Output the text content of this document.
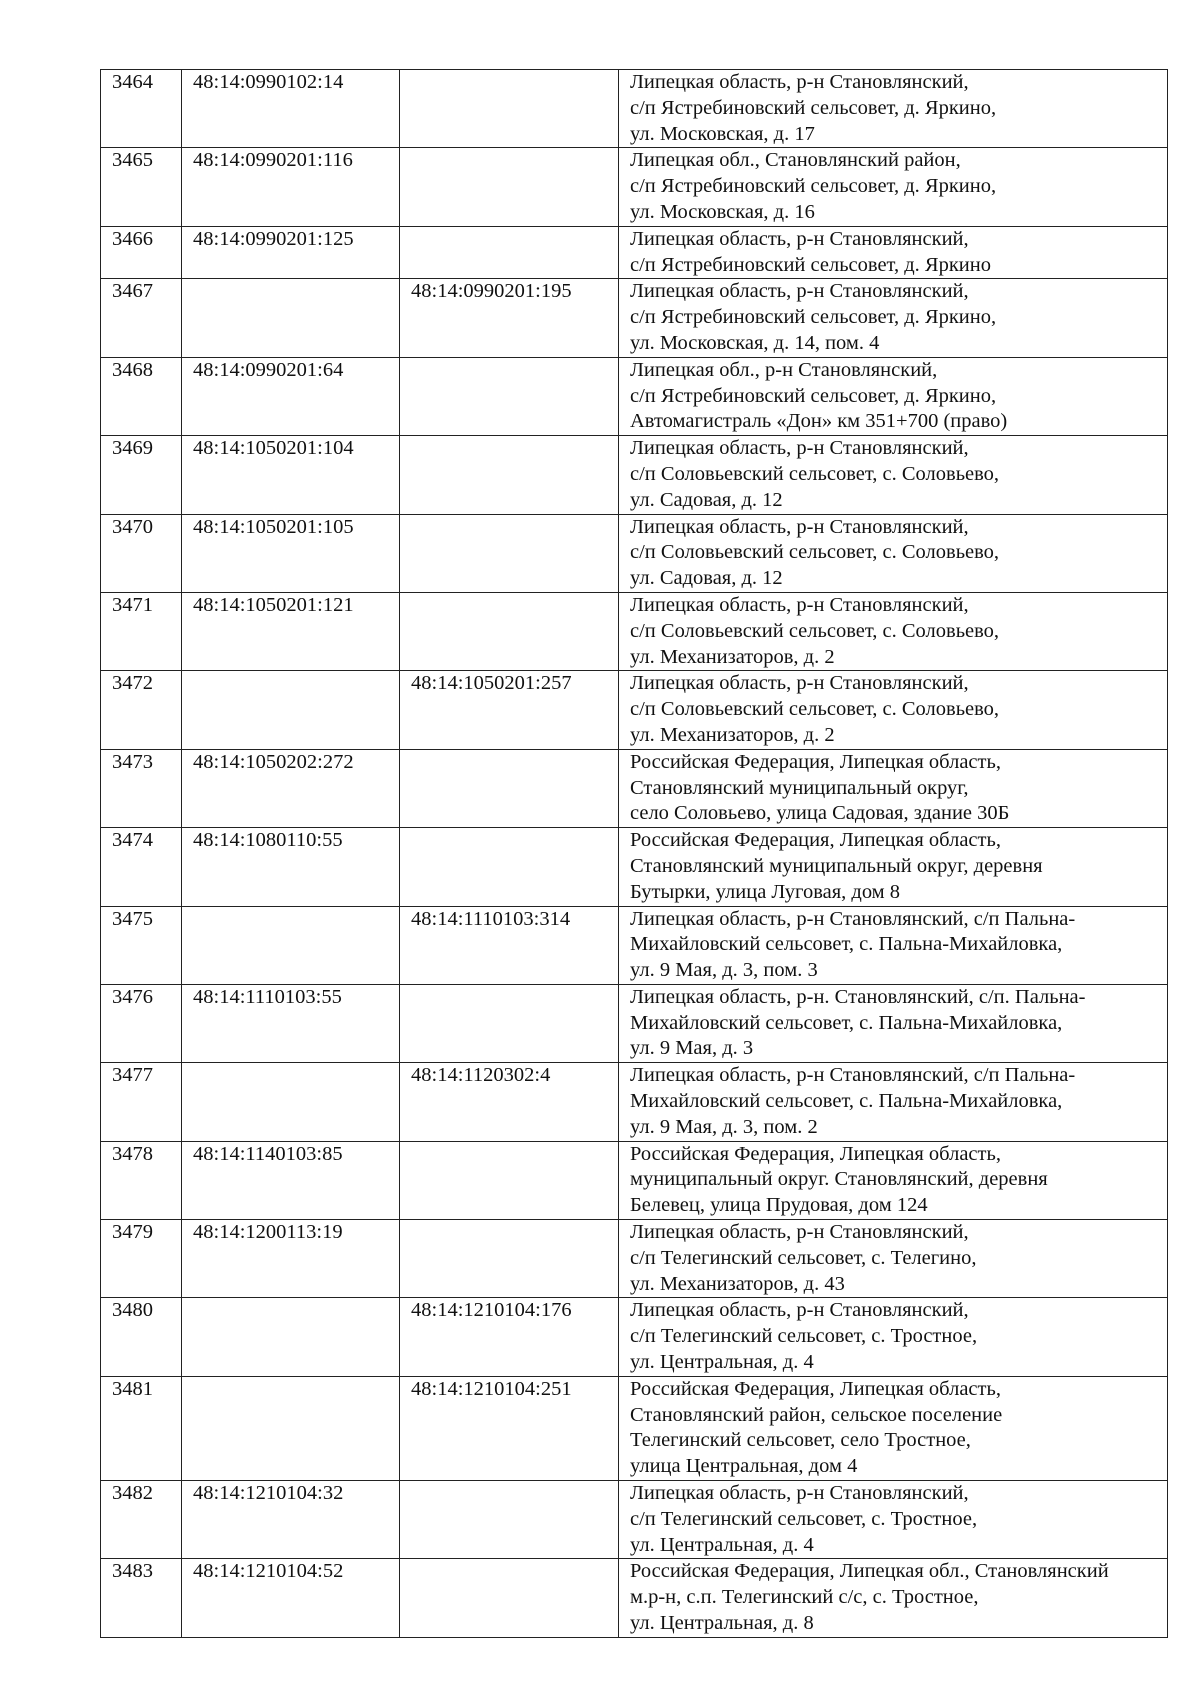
3464	48:14:0990102:14		Липецкая область, р-н Становлянский,
с/п Ястребиновский сельсовет, д. Яркино,
ул. Московская, д. 17

3465	48:14:0990201:116		Липецкая обл., Становлянский район,
с/п Ястребиновский сельсовет, д. Яркино,
ул. Московская, д. 16

3466	48:14:0990201:125		Липецкая область, р-н Становлянский,
с/п Ястребиновский сельсовет, д. Яркино

3467		48:14:0990201:195	Липецкая область, р-н Становлянский,
с/п Ястребиновский сельсовет, д. Яркино,
ул. Московская, д. 14, пом. 4

3468	48:14:0990201:64		Липецкая обл., р-н Становлянский,
с/п Ястребиновский сельсовет, д. Яркино,
Автомагистраль «Дон» км 351+700 (право)

3469	48:14:1050201:104		Липецкая область, р-н Становлянский,
с/п Соловьевский сельсовет, с. Соловьево,
ул. Садовая, д. 12

3470	48:14:1050201:105		Липецкая область, р-н Становлянский,
с/п Соловьевский сельсовет, с. Соловьево,
ул. Садовая, д. 12

3471	48:14:1050201:121		Липецкая область, р-н Становлянский,
с/п Соловьевский сельсовет, с. Соловьево,
ул. Механизаторов, д. 2

3472		48:14:1050201:257	Липецкая область, р-н Становлянский,
с/п Соловьевский сельсовет, с. Соловьево,
ул. Механизаторов, д. 2

3473	48:14:1050202:272		Российская Федерация, Липецкая область,
Становлянский муниципальный округ,
село Соловьево, улица Садовая, здание 30Б

3474	48:14:1080110:55		Российская Федерация, Липецкая область,
Становлянский муниципальный округ, деревня
Бутырки, улица Луговая, дом 8

3475		48:14:1110103:314	Липецкая область, р-н Становлянский, с/п Пальна-
Михайловский сельсовет, с. Пальна-Михайловка,
ул. 9 Мая, д. 3, пом. 3

3476	48:14:1110103:55		Липецкая область, р-н. Становлянский, с/п. Пальна-
Михайловский сельсовет, с. Пальна-Михайловка,
ул. 9 Мая, д. 3

3477		48:14:1120302:4	Липецкая область, р-н Становлянский, с/п Пальна-
Михайловский сельсовет, с. Пальна-Михайловка,
ул. 9 Мая, д. 3, пом. 2

3478	48:14:1140103:85		Российская Федерация, Липецкая область,
муниципальный округ. Становлянский, деревня
Белевец, улица Прудовая, дом 124

3479	48:14:1200113:19		Липецкая область, р-н Становлянский,
с/п Телегинский сельсовет, с. Телегино,
ул. Механизаторов, д. 43

3480		48:14:1210104:176	Липецкая область, р-н Становлянский,
с/п Телегинский сельсовет, с. Тростное,
ул. Центральная, д. 4

3481		48:14:1210104:251	Российская Федерация, Липецкая область,
Становлянский район, сельское поселение
Телегинский сельсовет, село Тростное,
улица Центральная, дом 4

3482	48:14:1210104:32		Липецкая область, р-н Становлянский,
с/п Телегинский сельсовет, с. Тростное,
ул. Центральная, д. 4

3483	48:14:1210104:52		Российская Федерация, Липецкая обл., Становлянский
м.р-н, с.п. Телегинский с/с, с. Тростное,
ул. Центральная, д. 8
